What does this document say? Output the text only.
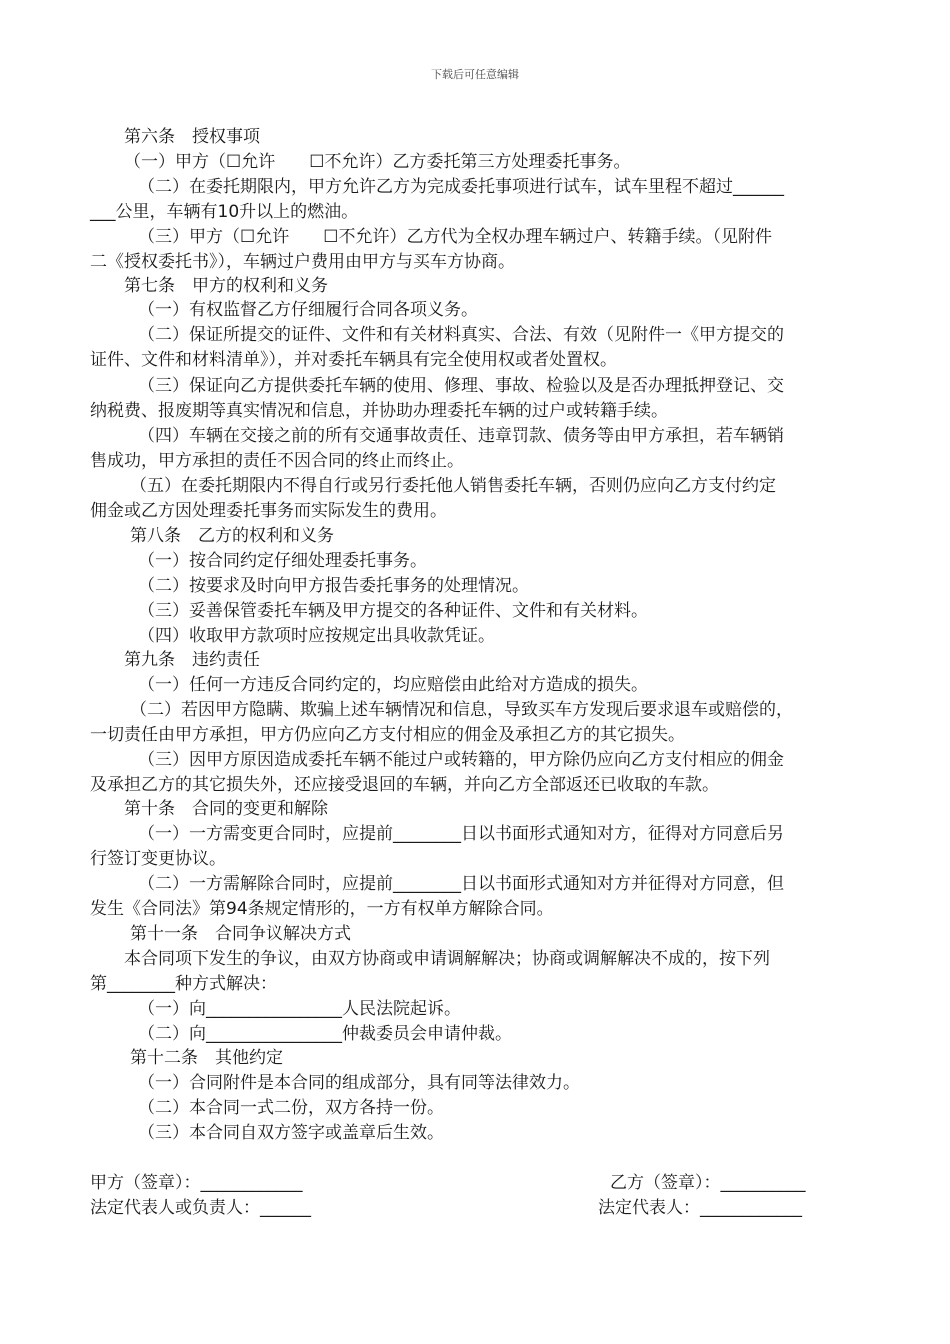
下载后可任意编辑
第六条　授权事项
（一）甲方（☐允许　　☐不允许）乙方委托第三方处理委托事务。
（二）在委托期限内，甲方允许乙方为完成委托事项进行试车，试车里程不超过______
___公里，车辆有10升以上的燃油。
（三）甲方（☐允许　　☐不允许）乙方代为全权办理车辆过户、转籍手续。（见附件
二《授权委托书》），车辆过户费用由甲方与买车方协商。
第七条　甲方的权利和义务
（一）有权监督乙方仔细履行合同各项义务。
（二）保证所提交的证件、文件和有关材料真实、合法、有效（见附件一《甲方提交的
证件、文件和材料清单》），并对委托车辆具有完全使用权或者处置权。
（三）保证向乙方提供委托车辆的使用、修理、事故、检验以及是否办理抵押登记、交
纳税费、报废期等真实情况和信息，并协助办理委托车辆的过户或转籍手续。
（四）车辆在交接之前的所有交通事故责任、违章罚款、债务等由甲方承担，若车辆销
售成功，甲方承担的责任不因合同的终止而终止。
（五）在委托期限内不得自行或另行委托他人销售委托车辆，否则仍应向乙方支付约定
佣金或乙方因处理委托事务而实际发生的费用。
第八条　乙方的权利和义务
（一）按合同约定仔细处理委托事务。
（二）按要求及时向甲方报告委托事务的处理情况。
（三）妥善保管委托车辆及甲方提交的各种证件、文件和有关材料。
（四）收取甲方款项时应按规定出具收款凭证。
第九条　违约责任
（一）任何一方违反合同约定的，均应赔偿由此给对方造成的损失。
（二）若因甲方隐瞒、欺骗上述车辆情况和信息，导致买车方发现后要求退车或赔偿的，
一切责任由甲方承担，甲方仍应向乙方支付相应的佣金及承担乙方的其它损失。
（三）因甲方原因造成委托车辆不能过户或转籍的，甲方除仍应向乙方支付相应的佣金
及承担乙方的其它损失外，还应接受退回的车辆，并向乙方全部返还已收取的车款。
第十条　合同的变更和解除
（一）一方需变更合同时，应提前________日以书面形式通知对方，征得对方同意后另
行签订变更协议。
（二）一方需解除合同时，应提前________日以书面形式通知对方并征得对方同意，但
发生《合同法》第94条规定情形的，一方有权单方解除合同。
第十一条　合同争议解决方式
本合同项下发生的争议，由双方协商或申请调解解决；协商或调解解决不成的，按下列
第________种方式解决：
（一）向________________人民法院起诉。
（二）向________________仲裁委员会申请仲裁。
第十二条　其他约定
（一）合同附件是本合同的组成部分，具有同等法律效力。
（二）本合同一式二份，双方各持一份。
（三）本合同自双方签字或盖章后生效。
甲方（签章）：____________
法定代表人或负责人：______
乙方（签章）：__________
法定代表人：____________
